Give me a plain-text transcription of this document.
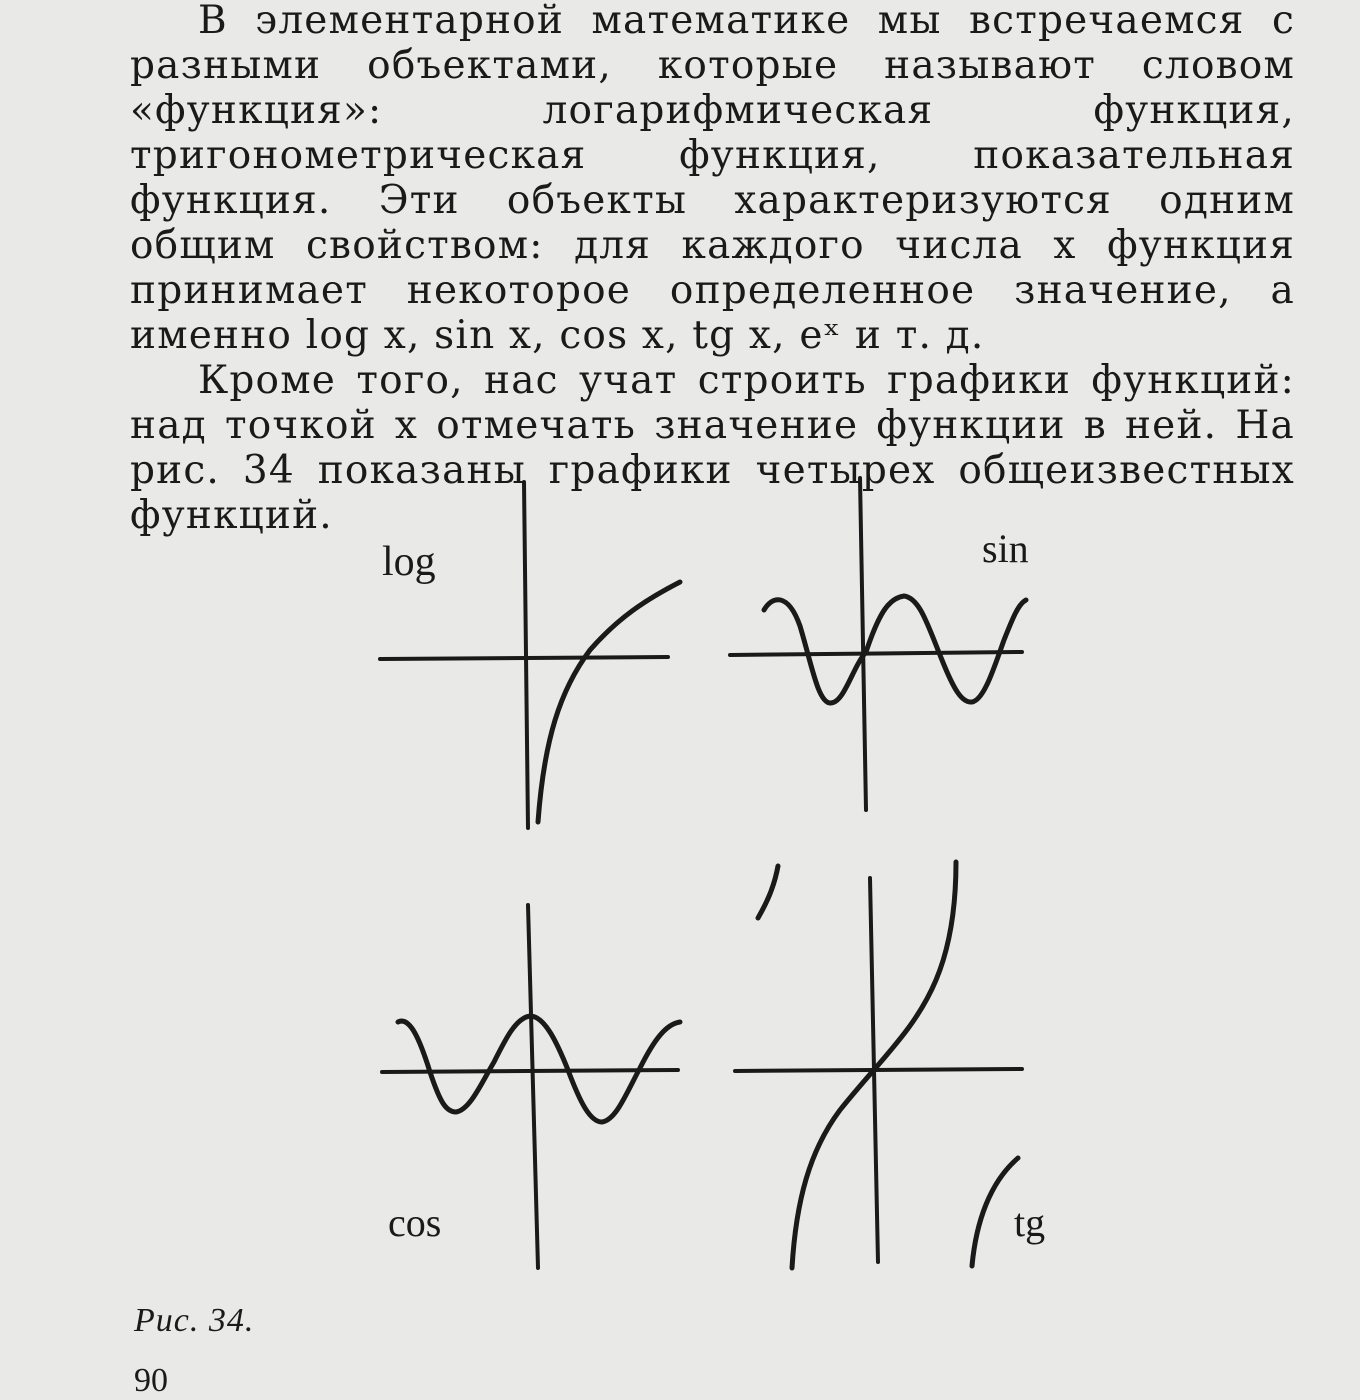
В элементарной математике мы встречаемся с разными объектами, которые называют словом «функция»: логарифмическая функция, тригонометрическая функция, показательная функция. Эти объекты характеризуются одним общим свойством: для каждого числа x функция принимает некоторое определенное значение, а именно log x, sin x, cos x, tg x, eˣ и т. д.

Кроме того, нас учат строить графики функций: над точкой x отмечать значение функции в ней. На рис. 34 показаны графики четырех общеизвестных функций.

log	sin
cos	tg
Рис. 34.
90
